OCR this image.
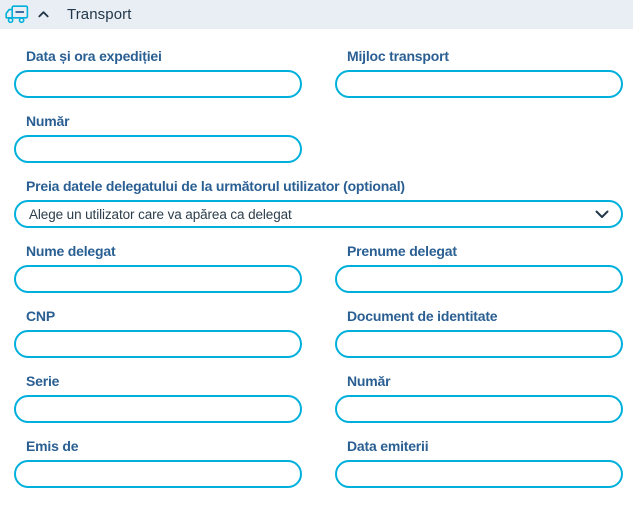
Transport
Data și ora expediției	Mijloc transport
Număr
Preia datele delegatului de la următorul utilizator (optional)
Alege un utilizator care va apărea ca delegat
Nume delegat	Prenume delegat
CNP	Document de identitate
Serie	Număr
Emis de	Data emiterii
